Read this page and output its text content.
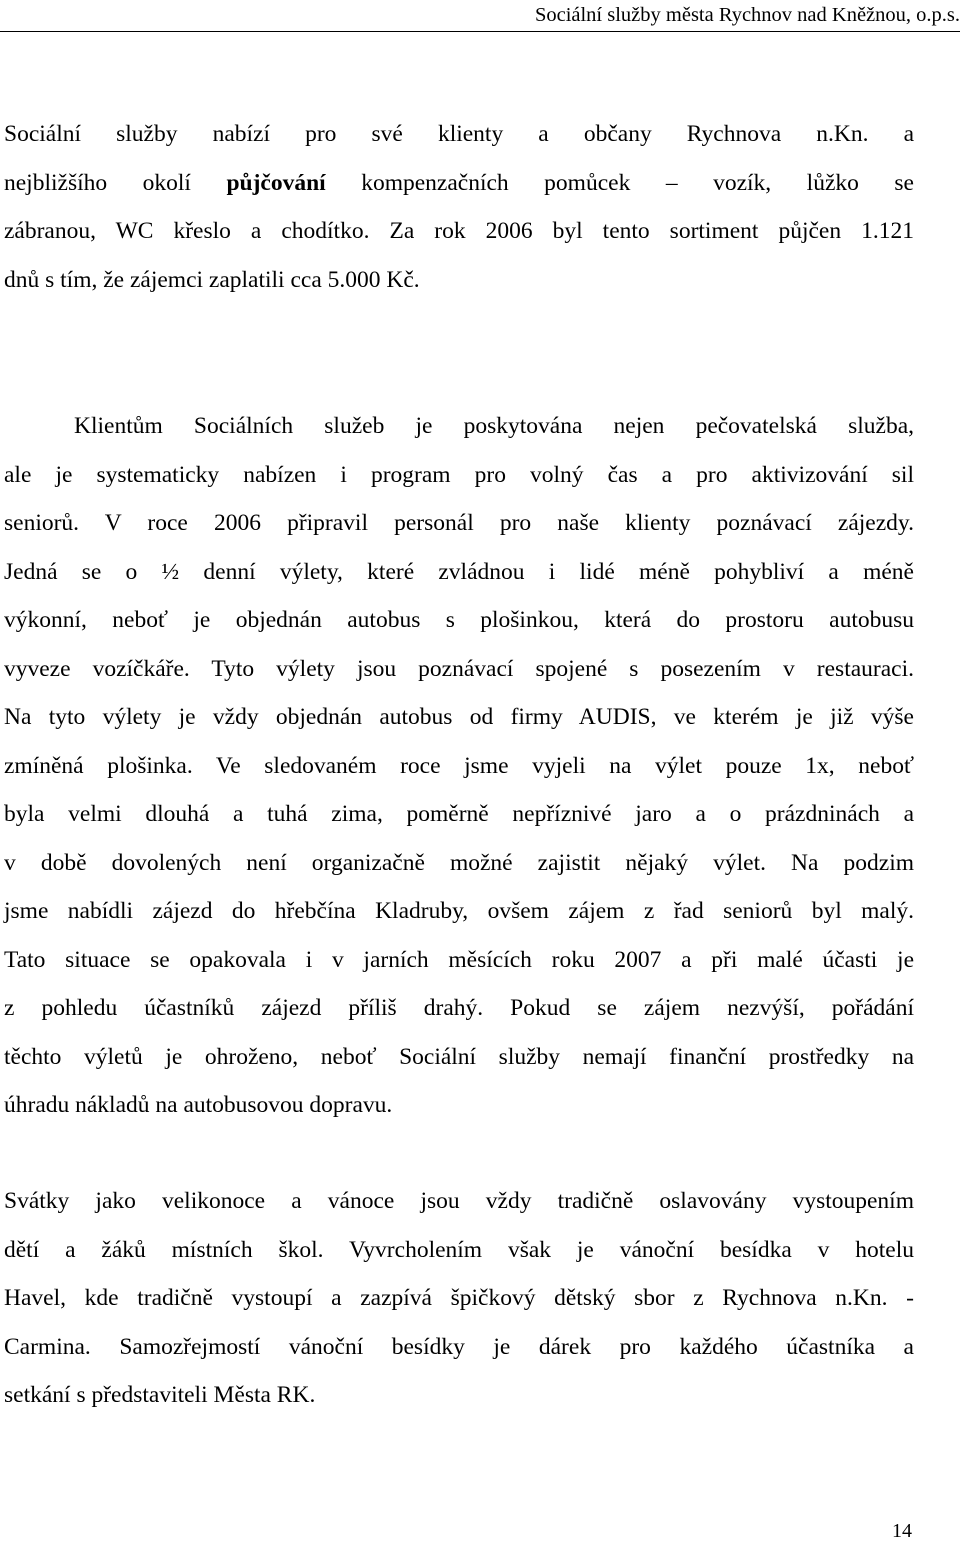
Sociální služby města Rychnov nad Kněžnou, o.p.s.
Sociální služby nabízí pro své klienty a občany Rychnova n.Kn. a
nejbližšího okolí půjčování kompenzačních pomůcek – vozík, lůžko se
zábranou, WC křeslo a chodítko. Za rok 2006 byl tento sortiment půjčen 1.121
dnů s tím, že zájemci zaplatili cca 5.000 Kč.
Klientům Sociálních služeb je poskytována nejen pečovatelská služba,
ale je systematicky nabízen i program pro volný čas a pro aktivizování sil
seniorů. V roce 2006 připravil personál pro naše klienty poznávací zájezdy.
Jedná se o ½ denní výlety, které zvládnou i lidé méně pohybliví a méně
výkonní, neboť je objednán autobus s plošinkou, která do prostoru autobusu
vyveze vozíčkáře. Tyto výlety jsou poznávací spojené s posezením v restauraci.
Na tyto výlety je vždy objednán autobus od firmy AUDIS, ve kterém je již výše
zmíněná plošinka. Ve sledovaném roce jsme vyjeli na výlet pouze 1x, neboť
byla velmi dlouhá a tuhá zima, poměrně nepříznivé jaro a o prázdninách a
v době dovolených není organizačně možné zajistit nějaký výlet. Na podzim
jsme nabídli zájezd do hřebčína Kladruby, ovšem zájem z řad seniorů byl malý.
Tato situace se opakovala i v jarních měsících roku 2007 a při malé účasti je
z pohledu účastníků zájezd příliš drahý. Pokud se zájem nezvýší, pořádání
těchto výletů je ohroženo, neboť Sociální služby nemají finanční prostředky na
úhradu nákladů na autobusovou dopravu.
Svátky jako velikonoce a vánoce jsou vždy tradičně oslavovány vystoupením
dětí a žáků místních škol. Vyvrcholením však je vánoční besídka v hotelu
Havel, kde tradičně vystoupí a zazpívá špičkový dětský sbor z Rychnova n.Kn. -
Carmina. Samozřejmostí vánoční besídky je dárek pro každého účastníka a
setkání s představiteli Města RK.
14
